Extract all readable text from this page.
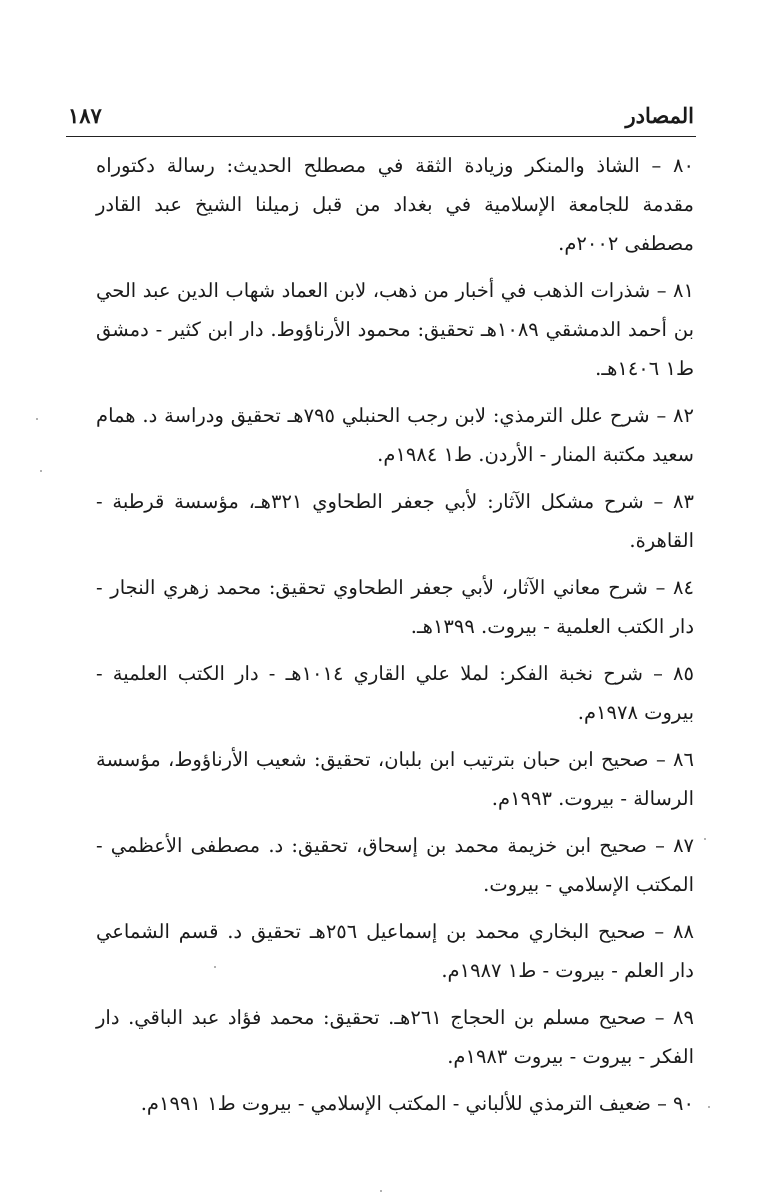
المصادر
١٨٧
٨٠ – الشاذ والمنكر وزيادة الثقة في مصطلح الحديث: رسالة دكتوراه مقدمة للجامعة الإسلامية في بغداد من قبل زميلنا الشيخ عبد القادر مصطفى ٢٠٠٢م.
٨١ – شذرات الذهب في أخبار من ذهب، لابن العماد شهاب الدين عبد الحي بن أحمد الدمشقي ١٠٨٩هـ تحقيق: محمود الأرناؤوط. دار ابن كثير - دمشق ط١ ١٤٠٦هـ.
٨٢ – شرح علل الترمذي: لابن رجب الحنبلي ٧٩٥هـ تحقيق ودراسة د. همام سعيد مكتبة المنار - الأردن. ط١ ١٩٨٤م.
٨٣ – شرح مشكل الآثار: لأبي جعفر الطحاوي ٣٢١هـ، مؤسسة قرطبة - القاهرة.
٨٤ – شرح معاني الآثار، لأبي جعفر الطحاوي تحقيق: محمد زهري النجار - دار الكتب العلمية - بيروت. ١٣٩٩هـ.
٨٥ – شرح نخبة الفكر: لملا علي القاري ١٠١٤هـ - دار الكتب العلمية - بيروت ١٩٧٨م.
٨٦ – صحيح ابن حبان بترتيب ابن بلبان، تحقيق: شعيب الأرناؤوط، مؤسسة الرسالة - بيروت. ١٩٩٣م.
٨٧ – صحيح ابن خزيمة محمد بن إسحاق، تحقيق: د. مصطفى الأعظمي - المكتب الإسلامي - بيروت.
٨٨ – صحيح البخاري محمد بن إسماعيل ٢٥٦هـ تحقيق د. قسم الشماعي دار العلم - بيروت - ط١ ١٩٨٧م.
٨٩ – صحيح مسلم بن الحجاج ٢٦١هـ. تحقيق: محمد فؤاد عبد الباقي. دار الفكر - بيروت - بيروت ١٩٨٣م.
٩٠ – ضعيف الترمذي للألباني - المكتب الإسلامي - بيروت ط١ ١٩٩١م.
